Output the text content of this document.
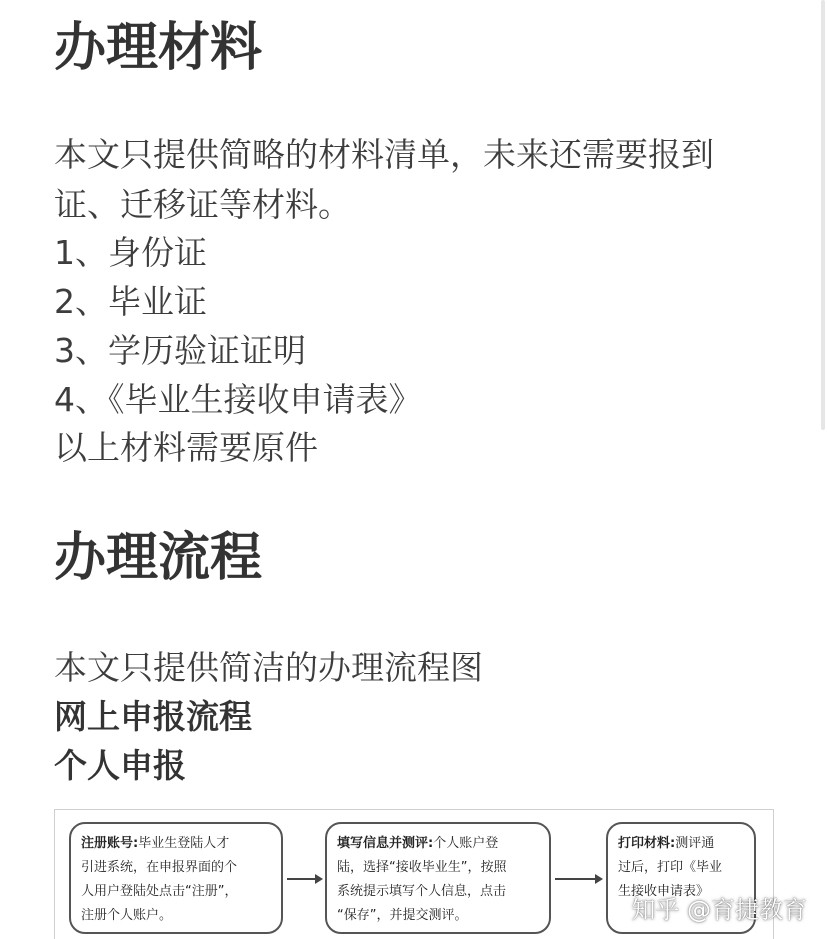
办理材料

本文只提供简略的材料清单，未来还需要报到

证、迁移证等材料。

1、身份证

2、毕业证

3、学历验证证明

4、《毕业生接收申请表》

以上材料需要原件

办理流程

本文只提供简洁的办理流程图

网上申报流程

个人申报

注册账号:毕业生登陆人才
引进系统，在申报界面的个
人用户登陆处点击“注册”，
注册个人账户。
填写信息并测评:个人账户登
陆，选择“接收毕业生”，按照
系统提示填写个人信息，点击
“保存”，并提交测评。
打印材料:测评通
过后，打印《毕业
生接收申请表》
知乎 @育捷教育
